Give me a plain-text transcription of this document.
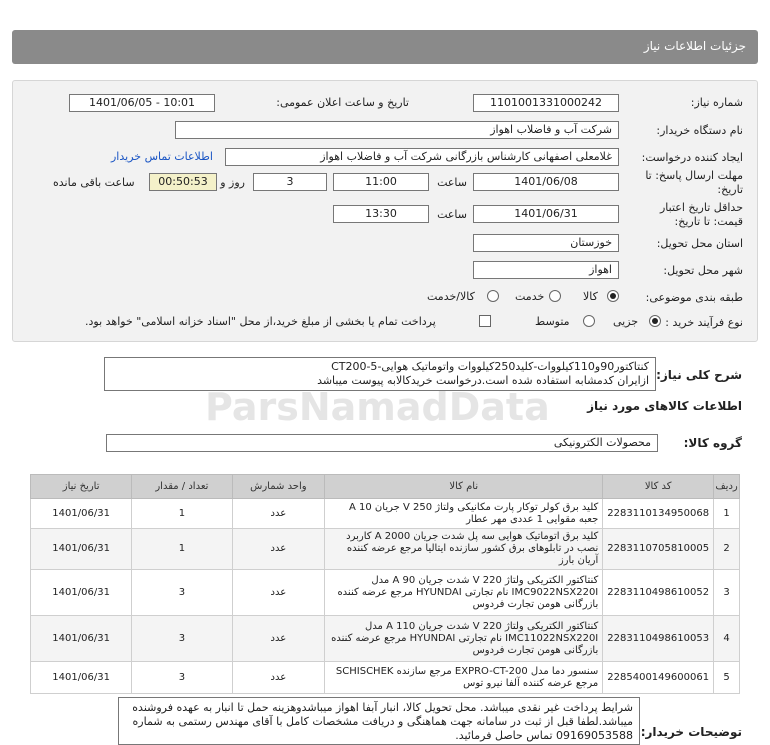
جزئیات اطلاعات نیاز
شماره نیاز:
1101001331000242
تاریخ و ساعت اعلان عمومی:
1401/06/05 - 10:01
نام دستگاه خریدار:
شرکت آب و فاضلاب اهواز
ایجاد کننده درخواست:
غلامعلی اصفهانی کارشناس بازرگانی شرکت آب و فاضلاب اهواز
اطلاعات تماس خریدار
مهلت ارسال پاسخ: تا
تاریخ:
1401/06/08
ساعت
11:00
3
روز و
00:50:53
ساعت باقی مانده
حداقل تاریخ اعتبار
قیمت: تا تاریخ:
1401/06/31
ساعت
13:30
استان محل تحویل:
خوزستان
شهر محل تحویل:
اهواز
طبقه بندی موضوعی:
کالا
خدمت
کالا/خدمت
نوع فرآیند خرید :
جزیی
متوسط
پرداخت تمام یا بخشی از مبلغ خرید،از محل "اسناد خزانه اسلامی" خواهد بود.
شرح کلی نیاز:
کنتاکتور90و110کیلووات-کلید250کیلووات واتوماتیک هوایی-CT200-5
ازایران کدمشابه استفاده شده است.درخواست خریدکالابه پیوست میباشد
ParsNamadData	اطلاعات کالاهای مورد نیاز
گروه کالا:
محصولات الکترونیکی
ردیف	کد کالا	نام کالا	واحد شمارش	تعداد / مقدار	تاریخ نیاز
1	2283110134950068	کلید برق کولر توکار پارت مکانیکی ولتاژ 250 V جریان 10 A جعبه مقوایی 1 عددی مهر عطار	عدد	1	1401/06/31
2	2283110705810005	کلید برق اتوماتیک هوایی سه پل شدت جریان 2000 A کاربرد نصب در تابلوهای برق کشور سازنده ایتالیا مرجع عرضه کننده آریان بارز	عدد	1	1401/06/31
3	2283110498610052	کنتاکتور الکتریکی ولتاژ 220 V شدت جریان 90 A مدل IMC9022NSX220I نام تجارتی HYUNDAI مرجع عرضه کننده بازرگانی هومن تجارت فردوس	عدد	3	1401/06/31
4	2283110498610053	کنتاکتور الکتریکی ولتاژ 220 V شدت جریان 110 A مدل IMC11022NSX220I نام تجارتی HYUNDAI مرجع عرضه کننده بازرگانی هومن تجارت فردوس	عدد	3	1401/06/31
5	2285400149600061	سنسور دما مدل EXPRO-CT-200 مرجع سازنده SCHISCHEK مرجع عرضه کننده آلفا نیرو توس	عدد	3	1401/06/31
توضیحات خریدار:
شرایط پرداخت غیر نقدی میباشد. محل تحویل کالا، انبار آبفا اهواز میباشدوهزینه حمل تا انبار به عهده فروشنده میباشد.لطفا قبل از ثبت در سامانه جهت هماهنگی و دریافت مشخصات کامل با آقای مهندس رستمی به شماره 09169053588 تماس حاصل فرمائید.
